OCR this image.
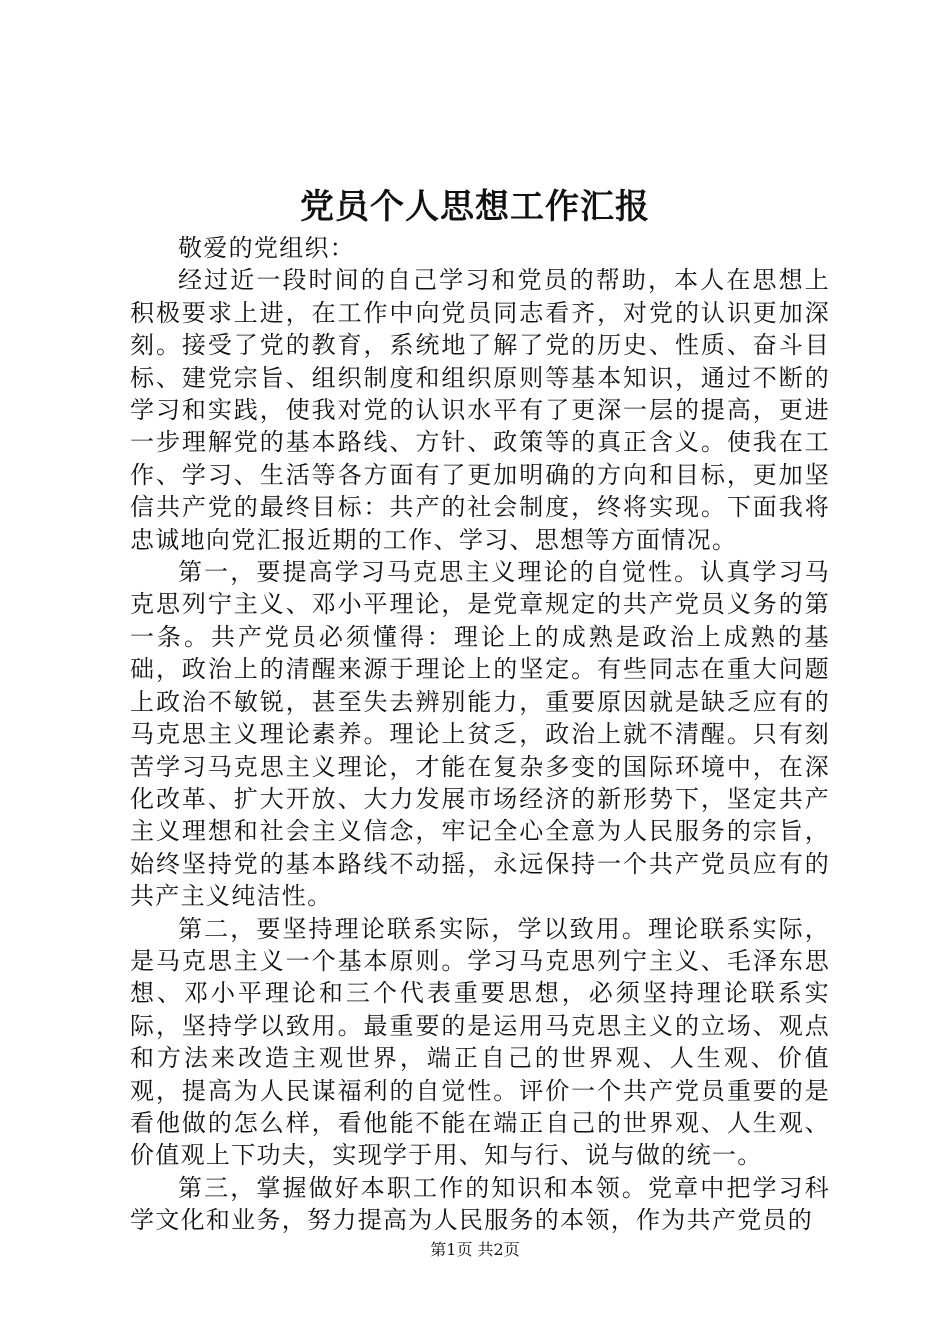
党员个人思想工作汇报

敬爱的党组织：

经过近一段时间的自己学习和党员的帮助，本人在思想上积极要求上进，在工作中向党员同志看齐，对党的认识更加深刻。接受了党的教育，系统地了解了党的历史、性质、奋斗目标、建党宗旨、组织制度和组织原则等基本知识，通过不断的学习和实践，使我对党的认识水平有了更深一层的提高，更进一步理解党的基本路线、方针、政策等的真正含义。使我在工作、学习、生活等各方面有了更加明确的方向和目标，更加坚信共产党的最终目标：共产的社会制度，终将实现。下面我将忠诚地向党汇报近期的工作、学习、思想等方面情况。

第一，要提高学习马克思主义理论的自觉性。认真学习马克思列宁主义、邓小平理论，是党章规定的共产党员义务的第一条。共产党员必须懂得：理论上的成熟是政治上成熟的基础，政治上的清醒来源于理论上的坚定。有些同志在重大问题上政治不敏锐，甚至失去辨别能力，重要原因就是缺乏应有的马克思主义理论素养。理论上贫乏，政治上就不清醒。只有刻苦学习马克思主义理论，才能在复杂多变的国际环境中，在深化改革、扩大开放、大力发展市场经济的新形势下，坚定共产主义理想和社会主义信念，牢记全心全意为人民服务的宗旨，始终坚持党的基本路线不动摇，永远保持一个共产党员应有的共产主义纯洁性。

第二，要坚持理论联系实际，学以致用。理论联系实际，是马克思主义一个基本原则。学习马克思列宁主义、毛泽东思想、邓小平理论和三个代表重要思想，必须坚持理论联系实际，坚持学以致用。最重要的是运用马克思主义的立场、观点和方法来改造主观世界，端正自己的世界观、人生观、价值观，提高为人民谋福利的自觉性。评价一个共产党员重要的是看他做的怎么样，看他能不能在端正自己的世界观、人生观、价值观上下功夫，实现学于用、知与行、说与做的统一。

第三，掌握做好本职工作的知识和本领。党章中把学习科学文化和业务，努力提高为人民服务的本领，作为共产党员的

第1页 共2页
